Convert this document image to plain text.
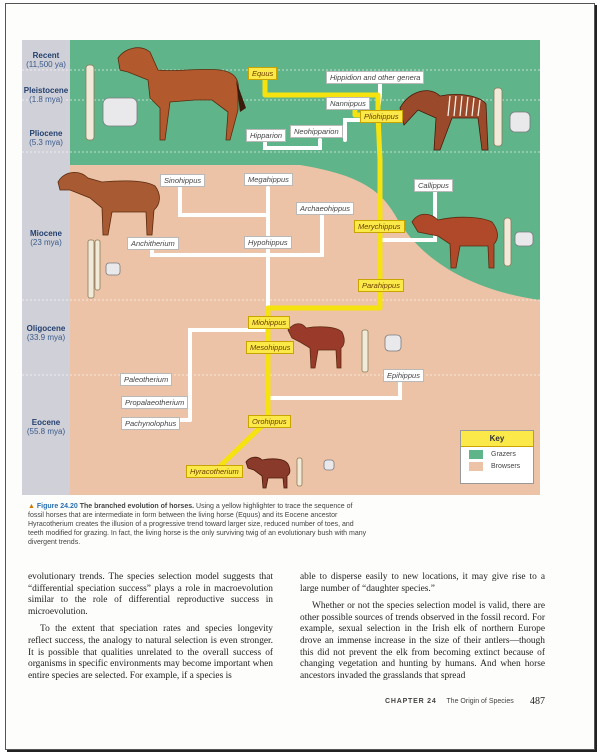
Recent
(11,500 ya)
Pleistocene
(1.8 mya)
Pliocene
(5.3 mya)
Miocene
(23 mya)
Oligocene
(33.9 mya)
Eocene
(55.8 mya)
Equus	Hippidion and other genera
Nannippus
Pliohippus
Hipparion	Neohipparion
Sinohippus	Megahippus
Callippus
Archaeohippus
Merychippus
Anchitherium	Hypohippus
Parahippus
Miohippus
Mesohippus
Paleotherium	Epihippus
Propalaeotherium
Pachynolophus	Orohippus
Hyracotherium
Key
Grazers
Browsers
▲ Figure 24.20 The branched evolution of horses. Using a yellow highlighter to trace the sequence of fossil horses that are intermediate in form between the living horse (Equus) and its Eocene ancestor Hyracotherium creates the illusion of a progressive trend toward larger size, reduced number of toes, and teeth modified for grazing. In fact, the living horse is the only surviving twig of an evolutionary bush with many divergent trends.

evolutionary trends. The species selection model suggests that “differential speciation success” plays a role in macroevolution similar to the role of differential reproductive success in microevolution.

To the extent that speciation rates and species longevity reflect success, the analogy to natural selection is even stronger. It is possible that qualities unrelated to the overall success of organisms in specific environments may become important when entire species are selected. For example, if a species is

able to disperse easily to new locations, it may give rise to a large number of “daughter species.”

Whether or not the species selection model is valid, there are other possible sources of trends observed in the fossil record. For example, sexual selection in the Irish elk of northern Europe drove an immense increase in the size of their antlers—though this did not prevent the elk from becoming extinct because of changing vegetation and hunting by humans. And when horse ancestors invaded the grasslands that spread

CHAPTER 24 The Origin of Species 487
